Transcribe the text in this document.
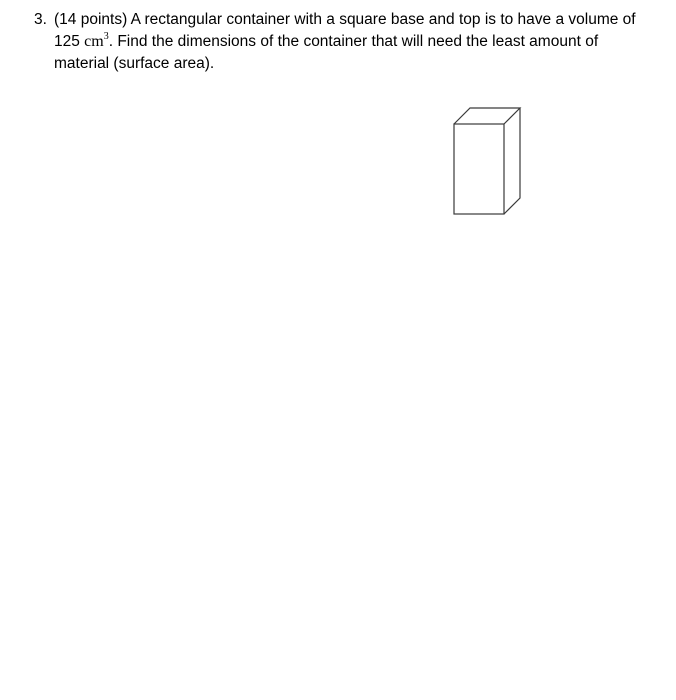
3. (14 points) A rectangular container with a square base and top is to have a volume of 125 $cm^3$. Find the dimensions of the container that will need the least amount of material (surface area).
